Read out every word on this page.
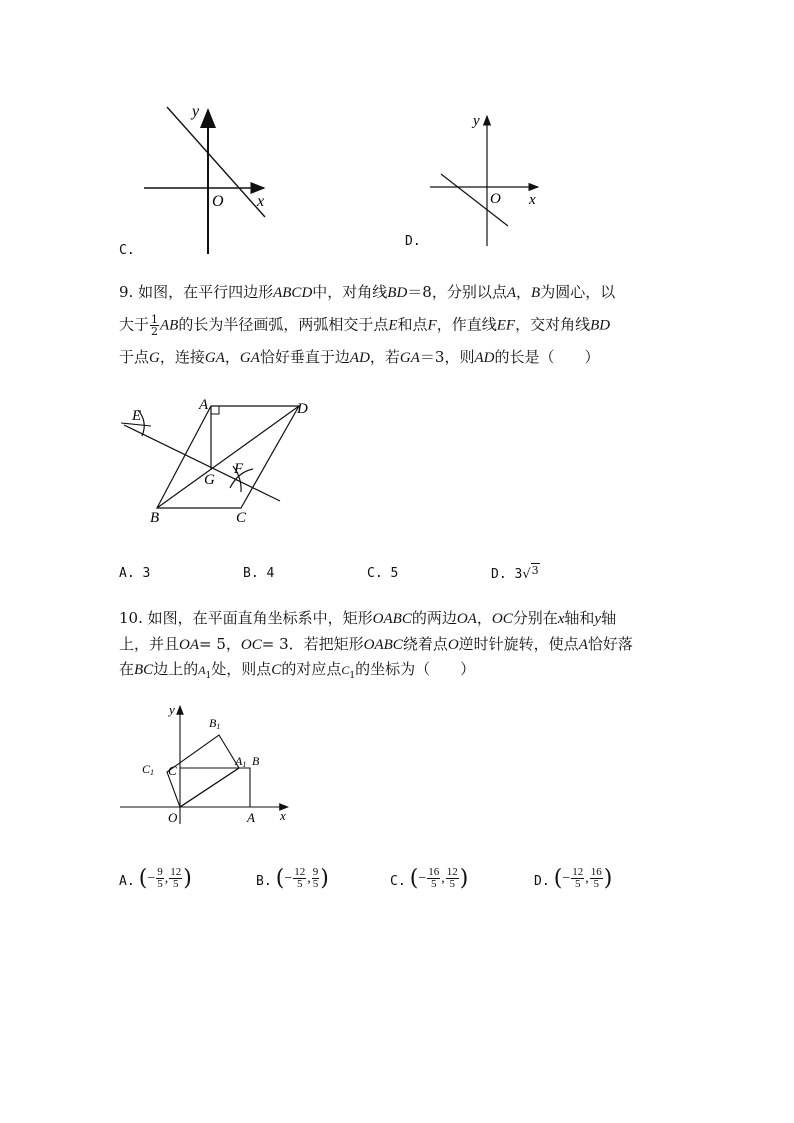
y
x
O
C.
y
x
O
D.
9. 如图，在平行四边形ABCD中，对角线BD＝8，分别以点A，B为圆心，以
大于 $\frac{1}{2}$ AB的长为半径画弧，两弧相交于点E和点F，作直线EF，交对角线BD
于点G，连接GA，GA恰好垂直于边AD，若GA＝3，则AD的长是（　　）
A	D
B	C
E
F
G
A. 3	B. 4	C. 5	D. 3√$^3$
10. 如图，在平面直角坐标系中，矩形OABC的两边OA，OC分别在x轴和y轴
上，并且OA= 5，OC= 3．若把矩形OABC绕着点O逆时针旋转，使点A恰好落
在BC边上的$A_1$处，则点C的对应点$C_1$的坐标为（　　）
y
x
O	A
B
C
A1
B1
C1
A. ( − $\frac{9}{5}$ , $\frac{12}{5}$ )	B. ( − $\frac{12}{5}$ , $\frac{9}{5}$ )	C. ( − $\frac{16}{5}$ , $\frac{12}{5}$ )	D. ( − $\frac{12}{5}$ , $\frac{16}{5}$ )
